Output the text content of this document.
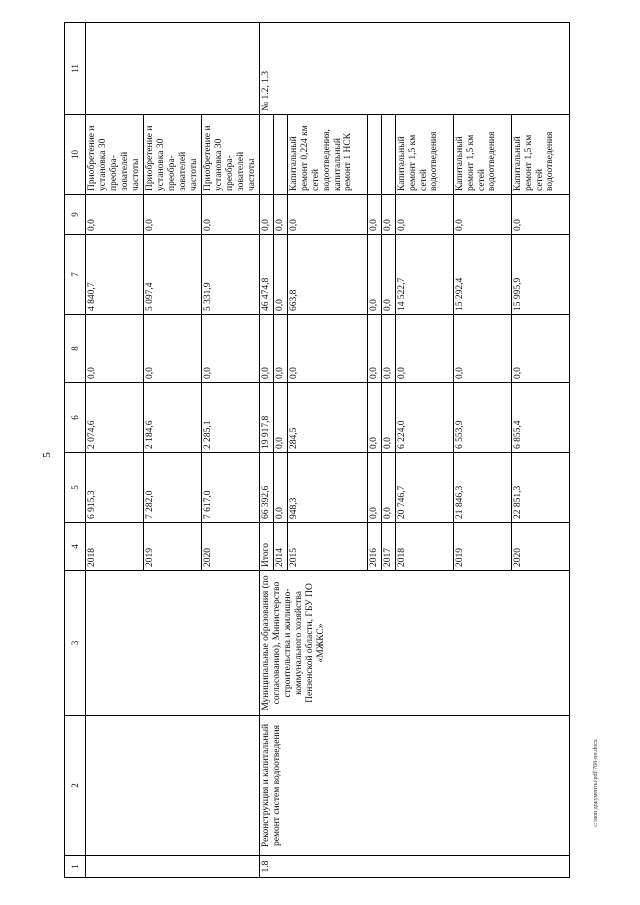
5
c:\мои документы\pdf\768-пп.docx
1	2	3	4	5	6	8	7	9	10	11
			2018	6 915,3	2 074,6	0,0	4 840,7	0,0	Приобретение и установка 30 преобра-зователей частоты	
			2019	7 282,0	2 184,6	0,0	5 097,4	0,0	Приобретение и установка 30 преобра-зователей частоты	
			2020	7 617,0	2 285,1	0,0	5 331,9	0,0	Приобретение и установка 30 преобра-зователей частоты	
1.8	Реконструкция и капитальный ремонт систем водоотведения	Муниципальные образования (по согласованию), Министерство строительства и жилищно-коммунального хозяйства Пензенской области, ГБУ ПО «МЖКС»	Итого	66 392,6	19 917,8	0,0	46 474,8	0,0		№ 1.2, 1.3
			2014	0,0	0,0	0,0	0,0	0,0		
			2015	948,3	284,5	0,0	663,8	0,0	Капитальный ремонт 0,224 км сетей водоотведения, капитальный ремонт 1 НСК	
			2016	0,0	0,0	0,0	0,0	0,0		
			2017	0,0	0,0	0,0	0,0	0,0		
			2018	20 746,7	6 224,0	0,0	14 522,7	0,0	Капитальный ремонт 1,5 км сетей водоотведения	
			2019	21 846,3	6 553,9	0,0	15 292,4	0,0	Капитальный ремонт 1,5 км сетей водоотведения	
			2020	22 851,3	6 855,4	0,0	15 995,9	0,0	Капитальный ремонт 1,5 км сетей водоотведения	
